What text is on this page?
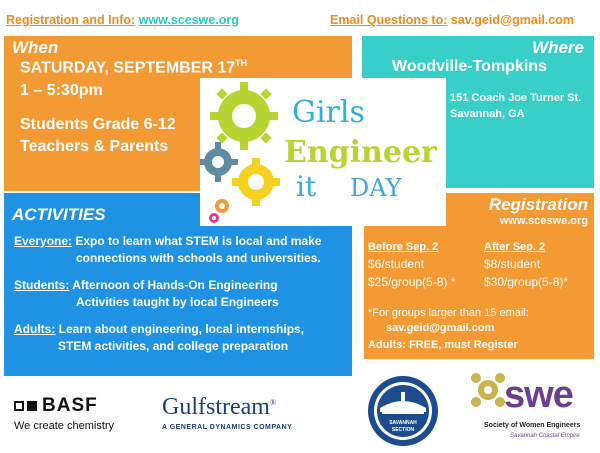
Registration and Info: www.sceswe.org	Email Questions to: sav.geid@gmail.com
When
SATURDAY, SEPTEMBER 17TH
1 – 5:30pm
Students Grade 6-12
Teachers & Parents
Where
Woodville-Tompkins
151 Coach Joe Turner St.
Savannah, GA
ACTIVITIES
Everyone: Expo to learn what STEM is local and make
connections with schools and universities.
Students: Afternoon of Hands-On Engineering
Activities taught by local Engineers
Adults: Learn about engineering, local internships,
STEM activities, and college preparation
Registration
www.sceswe.org
Before Sep. 2	After Sep. 2
$6/student	$8/student
$25/group(5-8) * $30/group(5-8)*
*For groups larger than 15 email:
sav.geid@gmail.com
Adults: FREE, must Register
Girls
Engineer
it DAY
BASF
We create chemistry
Gulfstream®
A GENERAL DYNAMICS COMPANY
AIAA
SAVANNAH
SECTION
swe
Society of Women Engineers
Savannah Coastal Empire
